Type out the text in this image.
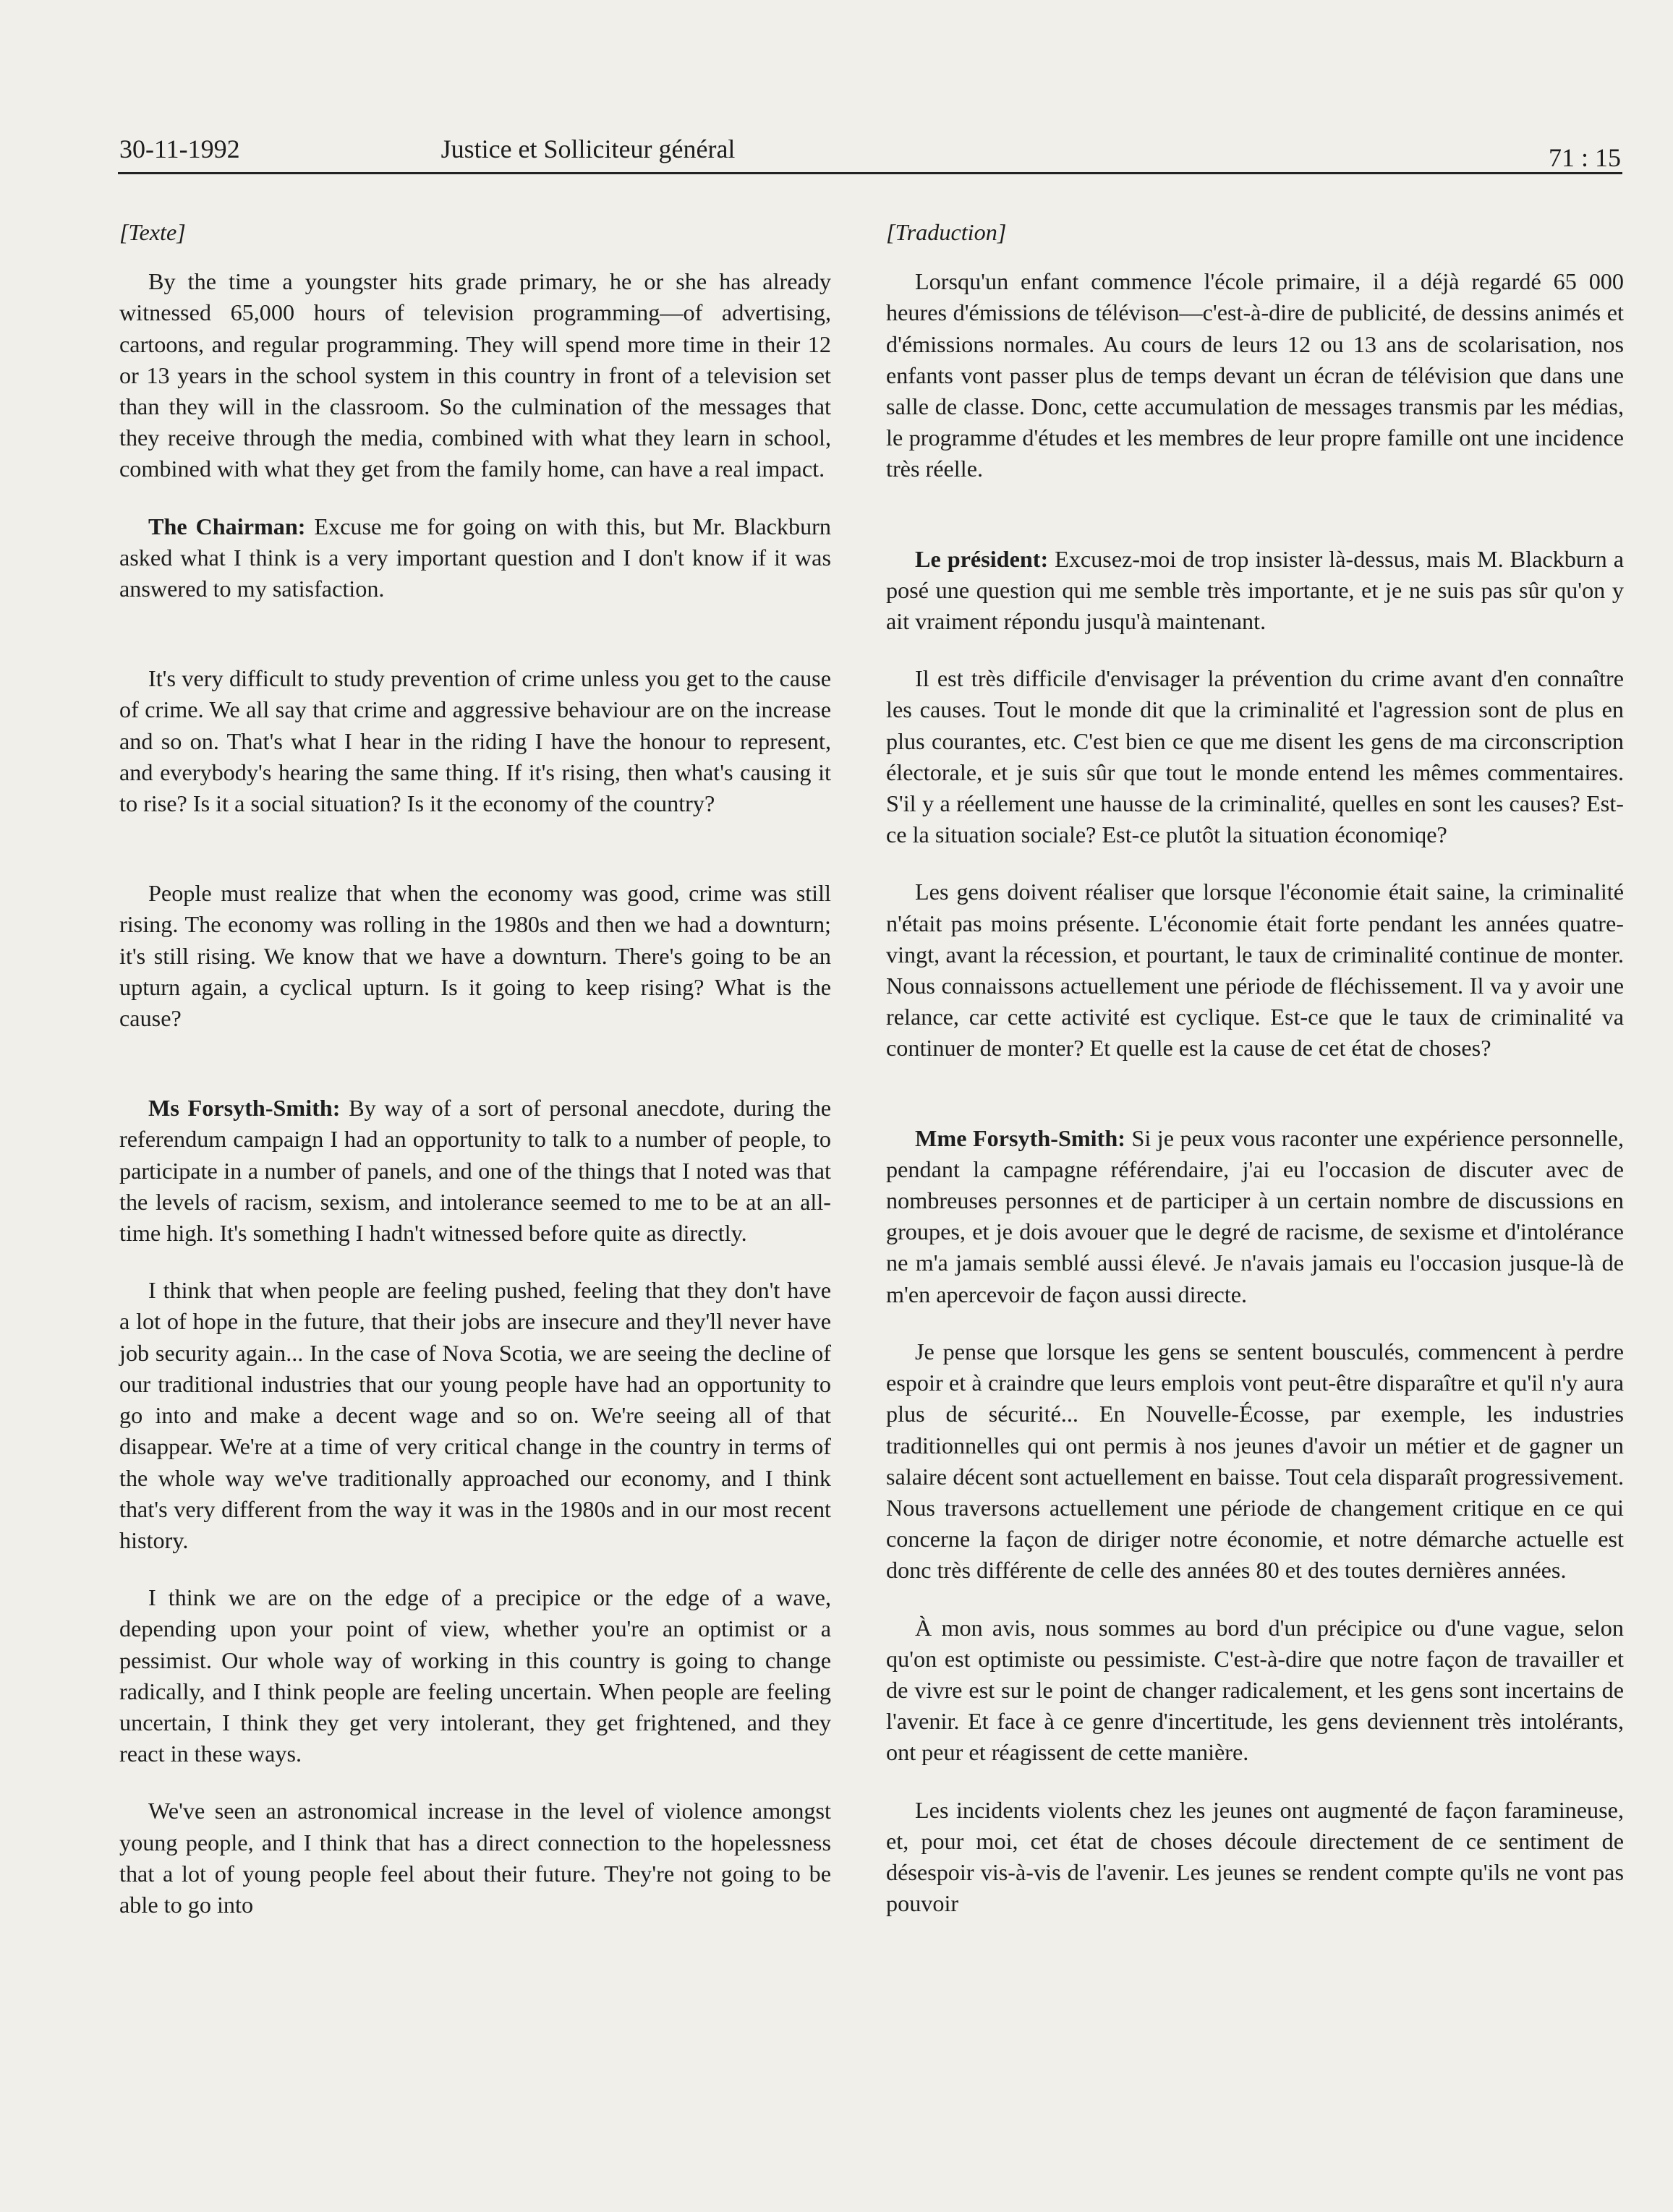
30-11-1992	Justice et Solliciteur général	71 : 15

[Texte]

By the time a youngster hits grade primary, he or she has already witnessed 65,000 hours of television programming—of advertising, cartoons, and regular programming. They will spend more time in their 12 or 13 years in the school system in this country in front of a television set than they will in the classroom. So the culmination of the messages that they receive through the media, combined with what they learn in school, combined with what they get from the family home, can have a real impact.

The Chairman: Excuse me for going on with this, but Mr. Blackburn asked what I think is a very important question and I don't know if it was answered to my satisfaction.

It's very difficult to study prevention of crime unless you get to the cause of crime. We all say that crime and aggressive behaviour are on the increase and so on. That's what I hear in the riding I have the honour to represent, and everybody's hearing the same thing. If it's rising, then what's causing it to rise? Is it a social situation? Is it the economy of the country?

People must realize that when the economy was good, crime was still rising. The economy was rolling in the 1980s and then we had a downturn; it's still rising. We know that we have a downturn. There's going to be an upturn again, a cyclical upturn. Is it going to keep rising? What is the cause?

Ms Forsyth-Smith: By way of a sort of personal anecdote, during the referendum campaign I had an opportunity to talk to a number of people, to participate in a number of panels, and one of the things that I noted was that the levels of racism, sexism, and intolerance seemed to me to be at an all-time high. It's something I hadn't witnessed before quite as directly.

I think that when people are feeling pushed, feeling that they don't have a lot of hope in the future, that their jobs are insecure and they'll never have job security again... In the case of Nova Scotia, we are seeing the decline of our traditional industries that our young people have had an opportunity to go into and make a decent wage and so on. We're seeing all of that disappear. We're at a time of very critical change in the country in terms of the whole way we've traditionally approached our economy, and I think that's very different from the way it was in the 1980s and in our most recent history.

I think we are on the edge of a precipice or the edge of a wave, depending upon your point of view, whether you're an optimist or a pessimist. Our whole way of working in this country is going to change radically, and I think people are feeling uncertain. When people are feeling uncertain, I think they get very intolerant, they get frightened, and they react in these ways.

We've seen an astronomical increase in the level of violence amongst young people, and I think that has a direct connection to the hopelessness that a lot of young people feel about their future. They're not going to be able to go into

[Traduction]

Lorsqu'un enfant commence l'école primaire, il a déjà regardé 65 000 heures d'émissions de télévison—c'est-à-dire de publicité, de dessins animés et d'émissions normales. Au cours de leurs 12 ou 13 ans de scolarisation, nos enfants vont passer plus de temps devant un écran de télévision que dans une salle de classe. Donc, cette accumulation de messages transmis par les médias, le programme d'études et les membres de leur propre famille ont une incidence très réelle.

Le président: Excusez-moi de trop insister là-dessus, mais M. Blackburn a posé une question qui me semble très importante, et je ne suis pas sûr qu'on y ait vraiment répondu jusqu'à maintenant.

Il est très difficile d'envisager la prévention du crime avant d'en connaître les causes. Tout le monde dit que la criminalité et l'agression sont de plus en plus courantes, etc. C'est bien ce que me disent les gens de ma circonscription électorale, et je suis sûr que tout le monde entend les mêmes commentaires. S'il y a réellement une hausse de la criminalité, quelles en sont les causes? Est-ce la situation sociale? Est-ce plutôt la situation économiqe?

Les gens doivent réaliser que lorsque l'économie était saine, la criminalité n'était pas moins présente. L'économie était forte pendant les années quatre-vingt, avant la récession, et pourtant, le taux de criminalité continue de monter. Nous connaissons actuellement une période de fléchissement. Il va y avoir une relance, car cette activité est cyclique. Est-ce que le taux de criminalité va continuer de monter? Et quelle est la cause de cet état de choses?

Mme Forsyth-Smith: Si je peux vous raconter une expérience personnelle, pendant la campagne référendaire, j'ai eu l'occasion de discuter avec de nombreuses personnes et de participer à un certain nombre de discussions en groupes, et je dois avouer que le degré de racisme, de sexisme et d'intolérance ne m'a jamais semblé aussi élevé. Je n'avais jamais eu l'occasion jusque-là de m'en apercevoir de façon aussi directe.

Je pense que lorsque les gens se sentent bousculés, commencent à perdre espoir et à craindre que leurs emplois vont peut-être disparaître et qu'il n'y aura plus de sécurité... En Nouvelle-Écosse, par exemple, les industries traditionnelles qui ont permis à nos jeunes d'avoir un métier et de gagner un salaire décent sont actuellement en baisse. Tout cela disparaît progressivement. Nous traversons actuellement une période de changement critique en ce qui concerne la façon de diriger notre économie, et notre démarche actuelle est donc très différente de celle des années 80 et des toutes dernières années.

À mon avis, nous sommes au bord d'un précipice ou d'une vague, selon qu'on est optimiste ou pessimiste. C'est-à-dire que notre façon de travailler et de vivre est sur le point de changer radicalement, et les gens sont incertains de l'avenir. Et face à ce genre d'incertitude, les gens deviennent très intolérants, ont peur et réagissent de cette manière.

Les incidents violents chez les jeunes ont augmenté de façon faramineuse, et, pour moi, cet état de choses découle directement de ce sentiment de désespoir vis-à-vis de l'avenir. Les jeunes se rendent compte qu'ils ne vont pas pouvoir
